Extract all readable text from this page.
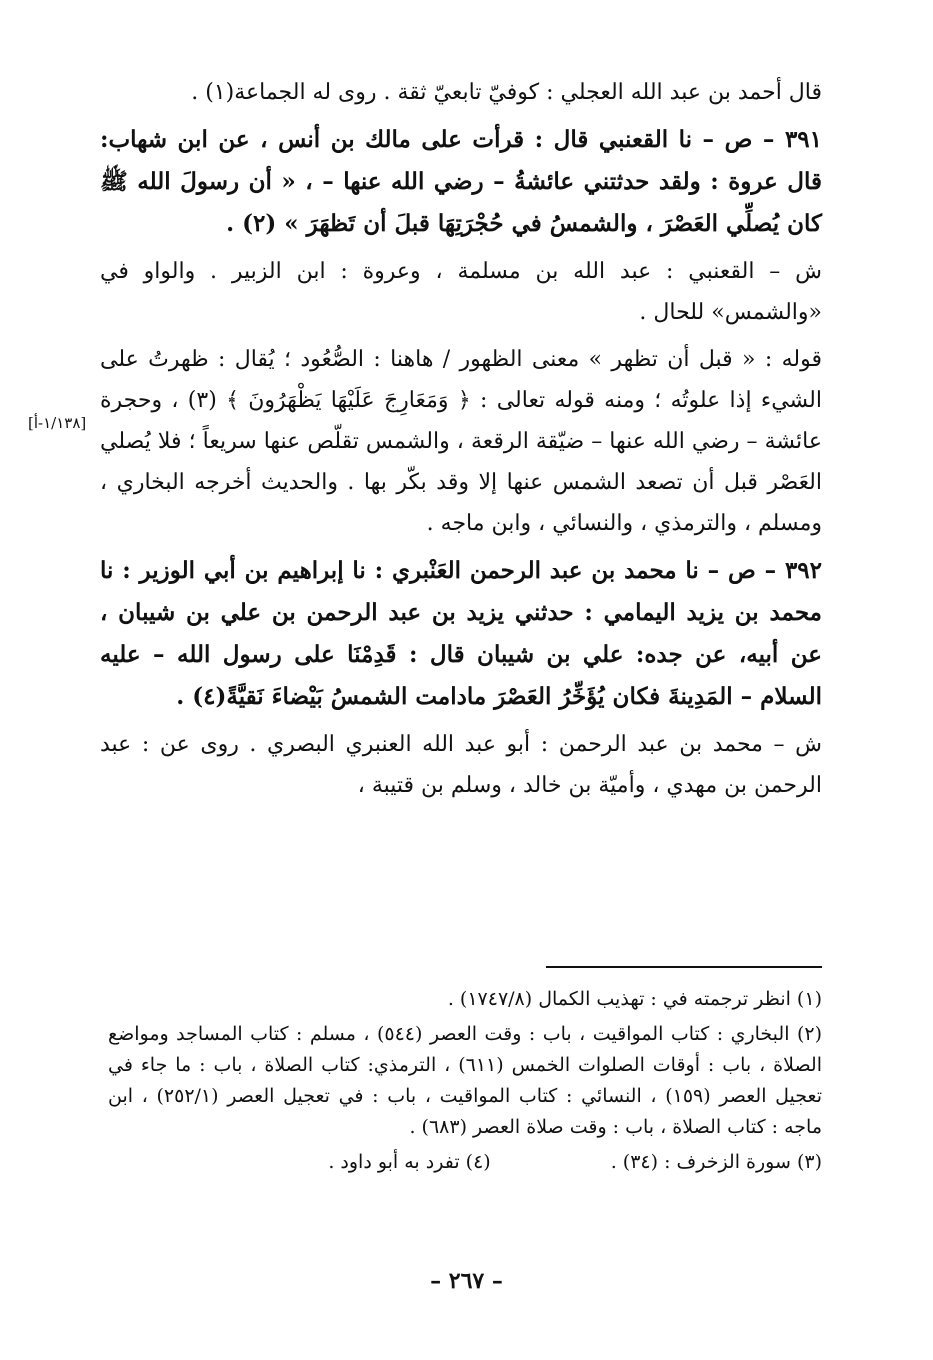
قال أحمد بن عبد الله العجلي : كوفيّ تابعيّ ثقة . روى له الجماعة(١) .

٣٩١ – ص – نا القعنبي قال : قرأت على مالك بن أنس ، عن ابن شهاب: قال عروة : ولقد حدثتني عائشةُ – رضي الله عنها – ، « أن رسولَ الله ﷺ كان يُصلِّي العَصْرَ ، والشمسُ في حُجْرَتِهَا قبلَ أن تَظهَرَ » (٢) .

ش – القعنبي : عبد الله بن مسلمة ، وعروة : ابن الزبير . والواو في «والشمس» للحال .

قوله : « قبل أن تظهر » معنى الظهور / هاهنا : الصُّعُود ؛ يُقال : ظهرتُ على الشيء إذا علوتُه ؛ ومنه قوله تعالى : ﴿ وَمَعَارِجَ عَلَيْهَا يَظْهَرُونَ ﴾ (٣) ، وحجرة عائشة – رضي الله عنها – ضيّقة الرقعة ، والشمس تقلّص عنها سريعاً ؛ فلا يُصلي العَصْر قبل أن تصعد الشمس عنها إلا وقد بكّر بها . والحديث أخرجه البخاري ، ومسلم ، والترمذي ، والنسائي ، وابن ماجه .

٣٩٢ – ص – نا محمد بن عبد الرحمن العَنْبري : نا إبراهيم بن أبي الوزير : نا محمد بن يزيد اليمامي : حدثني يزيد بن عبد الرحمن بن علي بن شيبان ، عن أبيه، عن جده: علي بن شيبان قال : قَدِمْنَا على رسول الله – عليه السلام – المَدِينةَ فكان يُؤَخِّرُ العَصْرَ مادامت الشمسُ بَيْضاءَ نَقيَّةً(٤) .

ش – محمد بن عبد الرحمن : أبو عبد الله العنبري البصري . روى عن : عبد الرحمن بن مهدي ، وأميّة بن خالد ، وسلم بن قتيبة ،

[١/١٣٨-أ]

(١) انظر ترجمته في : تهذيب الكمال (١٧٤٧/٨) .

(٢) البخاري : كتاب المواقيت ، باب : وقت العصر (٥٤٤) ، مسلم : كتاب المساجد ومواضع الصلاة ، باب : أوقات الصلوات الخمس (٦١١) ، الترمذي: كتاب الصلاة ، باب : ما جاء في تعجيل العصر (١٥٩) ، النسائي : كتاب المواقيت ، باب : في تعجيل العصر (٢٥٢/١) ، ابن ماجه : كتاب الصلاة ، باب : وقت صلاة العصر (٦٨٣) .

(٣) سورة الزخرف : (٣٤) .
(٤) تفرد به أبو داود .
– ٢٦٧ –
